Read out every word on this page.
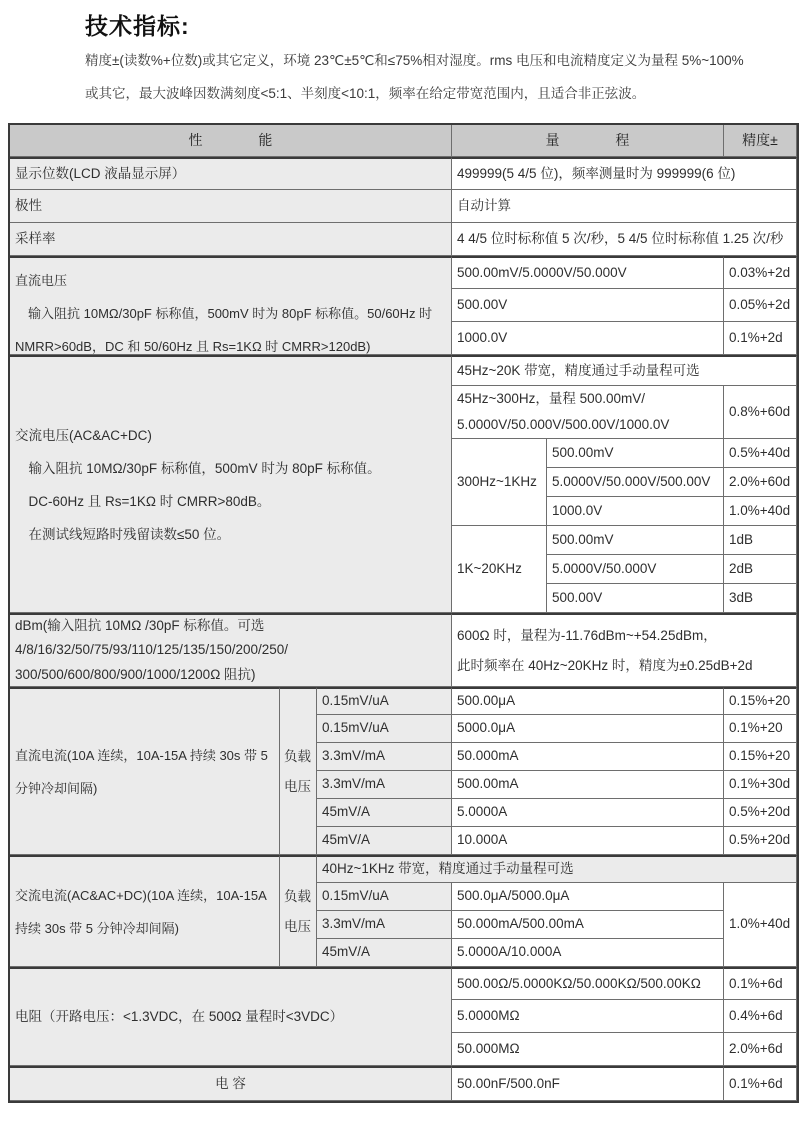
技术指标:
精度±(读数%+位数)或其它定义，环境 23℃±5℃和≤75%相对湿度。rms 电压和电流精度定义为量程 5%~100%
或其它，最大波峰因数满刻度<5:1、半刻度<10:1，频率在给定带宽范围内，且适合非正弦波。
性 能	量 程	精度±
显示位数(LCD 液晶显示屏）	499999(5 4/5 位)，频率测量时为 999999(6 位)
极性	自动计算
采样率	4 4/5 位时标称值 5 次/秒，5 4/5 位时标称值 1.25 次/秒
直流电压
　输入阻抗 10MΩ/30pF 标称值，500mV 时为 80pF 标称值。50/60Hz 时
NMRR>60dB，DC 和 50/60Hz 且 Rs=1KΩ 时 CMRR>120dB)
500.00mV/5.0000V/50.000V	0.03%+2d
500.00V	0.05%+2d
1000.0V	0.1%+2d
交流电压(AC&AC+DC)
　输入阻抗 10MΩ/30pF 标称值，500mV 时为 80pF 标称值。
　DC-60Hz 且 Rs=1KΩ 时 CMRR>80dB。
　在测试线短路时残留读数≤50 位。
45Hz~20K 带宽，精度通过手动量程可选
45Hz~300Hz，量程 500.00mV/
5.0000V/50.000V/500.00V/1000.0V
0.8%+60d
300Hz~1KHz
500.00mV	0.5%+40d
5.0000V/50.000V/500.00V	2.0%+60d
1000.0V	1.0%+40d
1K~20KHz
500.00mV	1dB
5.0000V/50.000V	2dB
500.00V	3dB
dBm(输入阻抗 10MΩ /30pF 标称值。可选
4/8/16/32/50/75/93/110/125/135/150/200/250/
300/500/600/800/900/1000/1200Ω 阻抗)
600Ω 时，量程为-11.76dBm~+54.25dBm，
此时频率在 40Hz~20KHz 时，精度为±0.25dB+2d
直流电流(10A 连续，10A-15A 持续 30s 带 5
分钟冷却间隔)
负载
电压
0.15mV/uA	500.00μA	0.15%+20
0.15mV/uA	5000.0μA	0.1%+20
3.3mV/mA	50.000mA	0.15%+20
3.3mV/mA	500.00mA	0.1%+30d
45mV/A	5.0000A	0.5%+20d
45mV/A	10.000A	0.5%+20d
交流电流(AC&AC+DC)(10A 连续，10A-15A
持续 30s 带 5 分钟冷却间隔)
负载
电压
40Hz~1KHz 带宽，精度通过手动量程可选
0.15mV/uA	500.0μA/5000.0μA
1.0%+40d
3.3mV/mA	50.000mA/500.00mA
45mV/A	5.0000A/10.000A
电阻（开路电压：<1.3VDC，在 500Ω 量程时<3VDC）
500.00Ω/5.0000KΩ/50.000KΩ/500.00KΩ	0.1%+6d
5.0000MΩ	0.4%+6d
50.000MΩ	2.0%+6d
电 容	50.00nF/500.0nF	0.1%+6d
